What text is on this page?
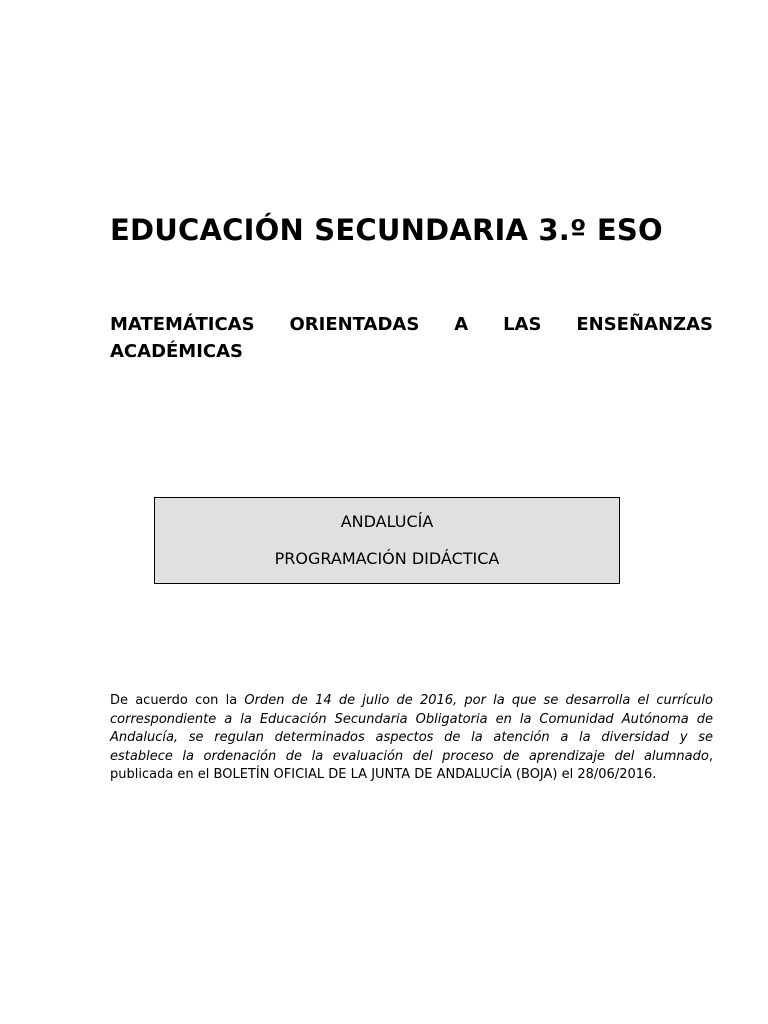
EDUCACIÓN SECUNDARIA 3.º ESO
MATEMÁTICAS ORIENTADAS A LAS ENSEÑANZAS
ACADÉMICAS
ANDALUCÍA
PROGRAMACIÓN DIDÁCTICA
De acuerdo con la Orden de 14 de julio de 2016, por la que se desarrolla el currículo
correspondiente a la Educación Secundaria Obligatoria en la Comunidad Autónoma de
Andalucía, se regulan determinados aspectos de la atención a la diversidad y se
establece la ordenación de la evaluación del proceso de aprendizaje del alumnado,
publicada en el BOLETÍN OFICIAL DE LA JUNTA DE ANDALUCÍA (BOJA) el 28/06/2016.
